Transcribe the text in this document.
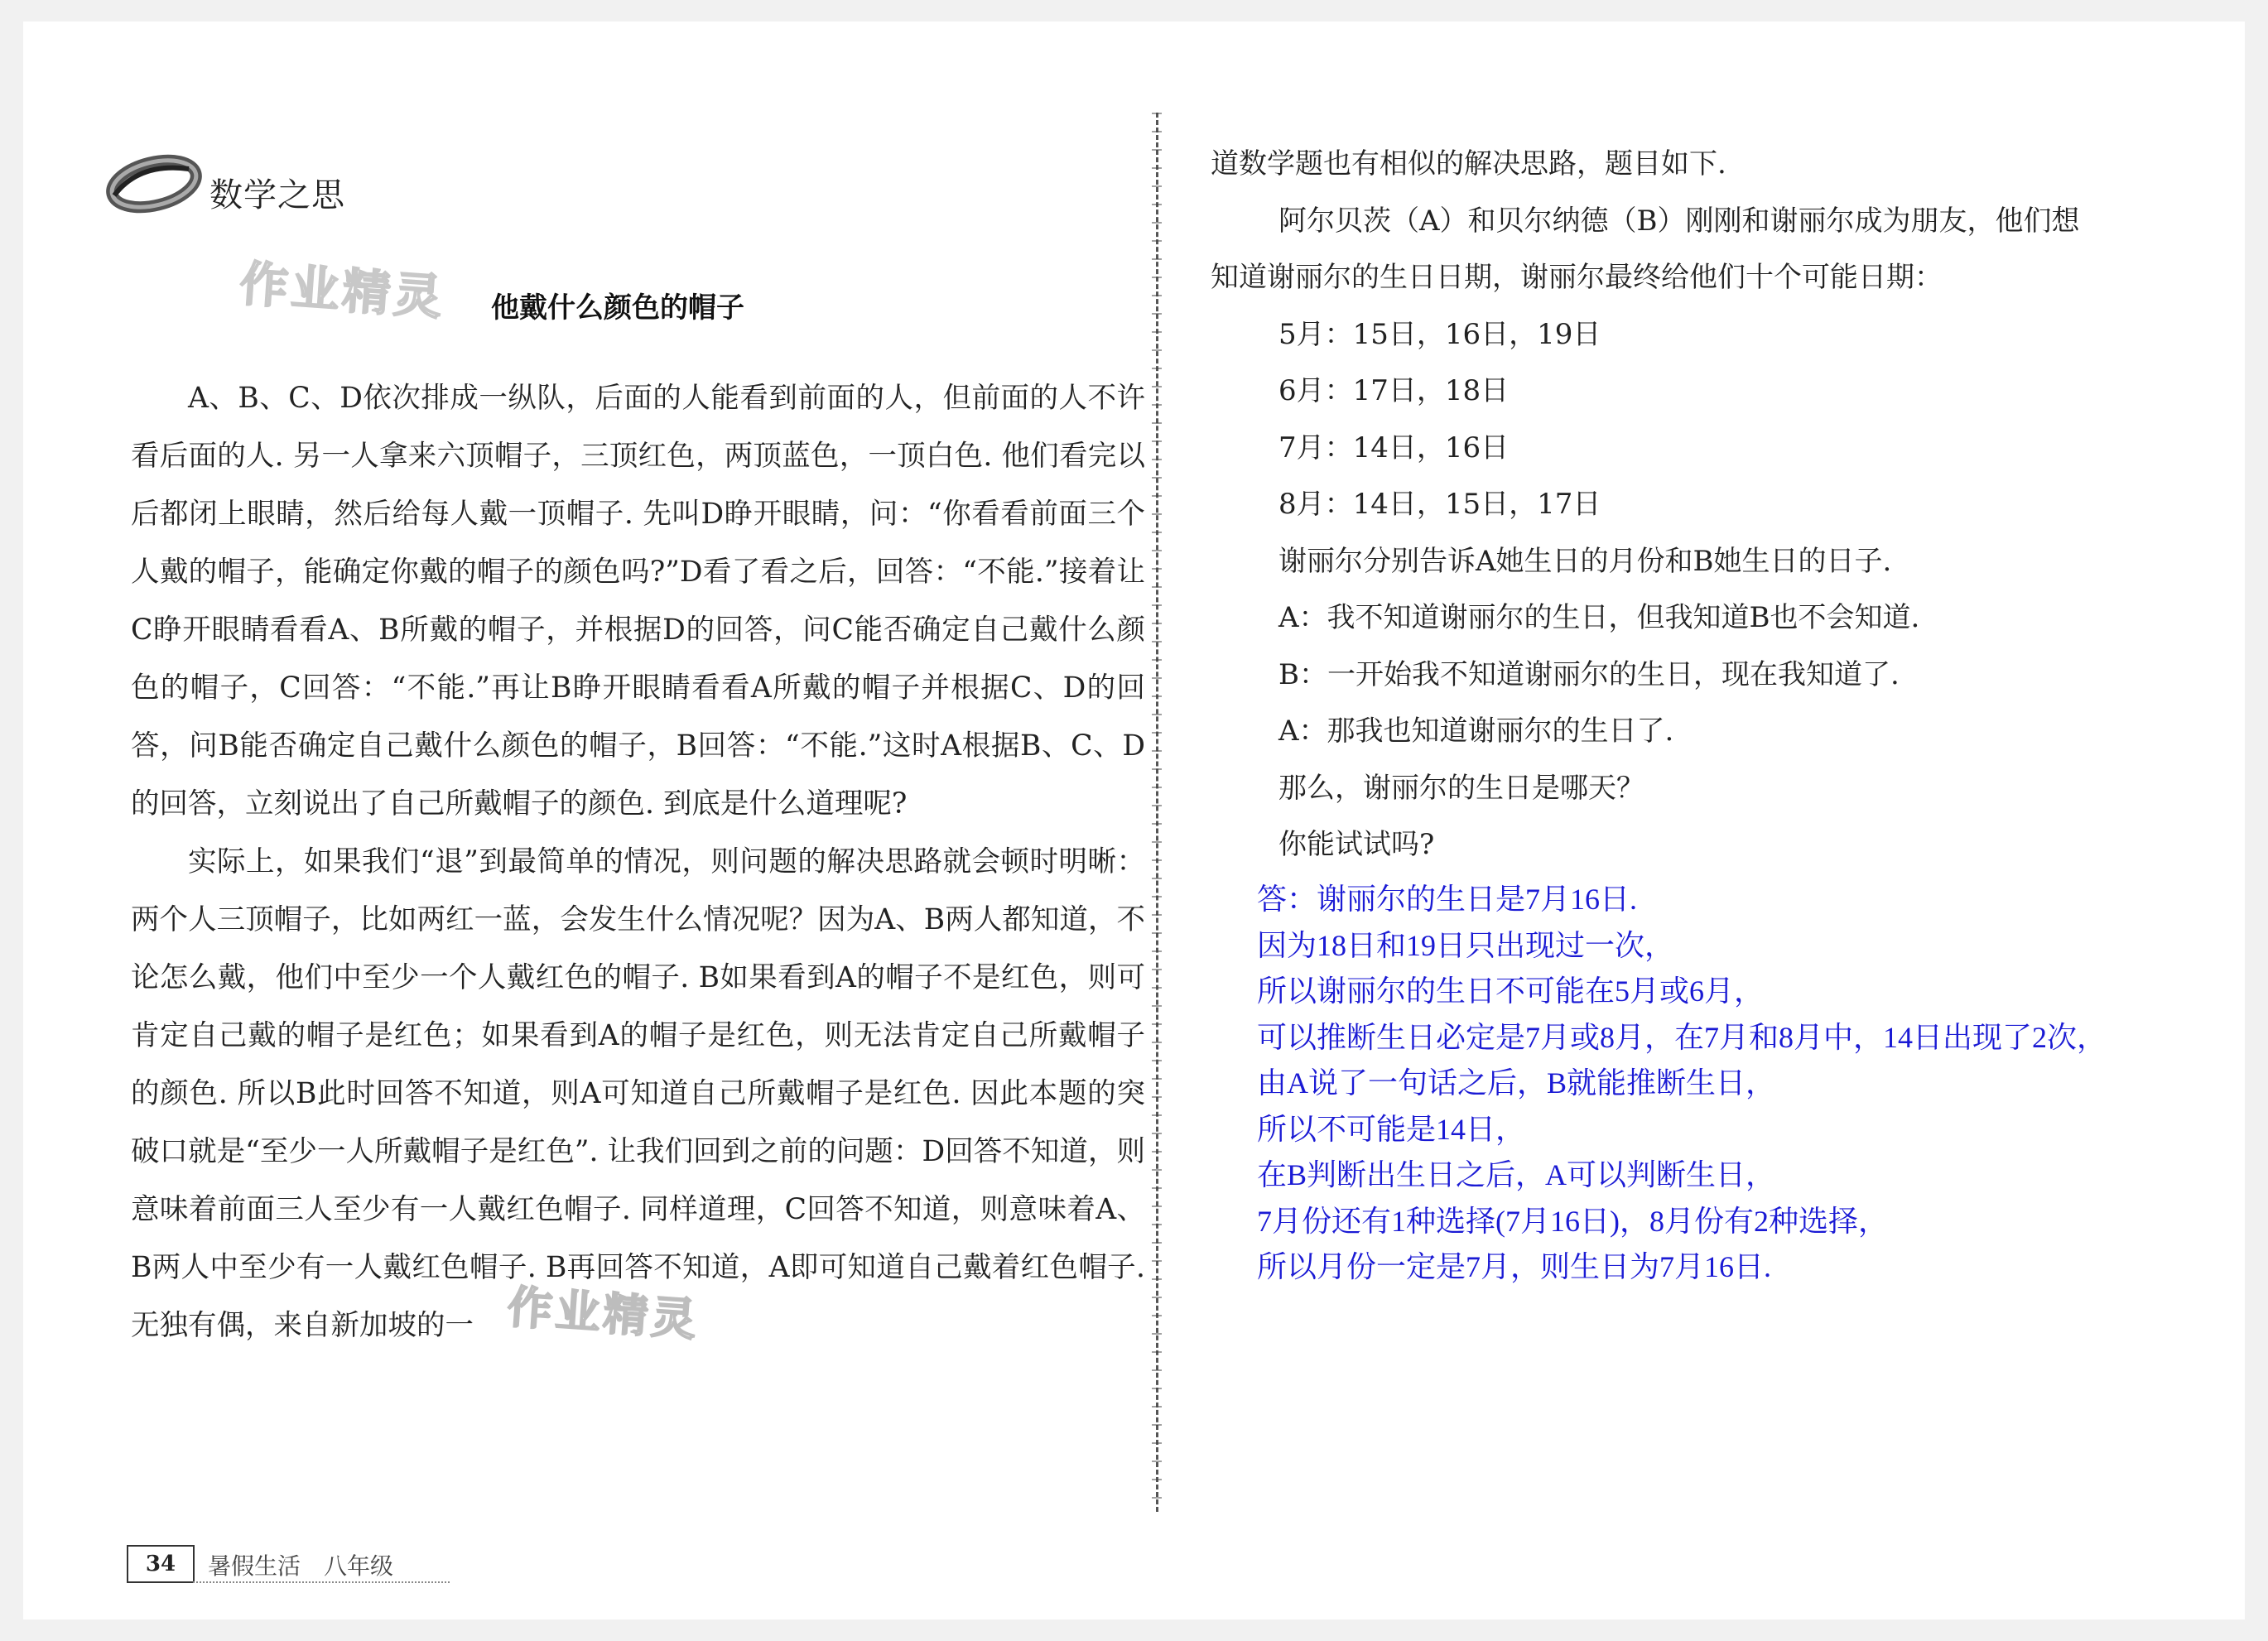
数学之思
作业精灵
作业精灵
他戴什么颜色的帽子

A、B、C、D依次排成一纵队，后面的人能看到前面的人，但前面的人不许看后面的人. 另一人拿来六顶帽子，三顶红色，两顶蓝色，一顶白色. 他们看完以后都闭上眼睛，然后给每人戴一顶帽子. 先叫D睁开眼睛，问：“你看看前面三个人戴的帽子，能确定你戴的帽子的颜色吗?”D看了看之后，回答：“不能.”接着让C睁开眼睛看看A、B所戴的帽子，并根据D的回答，问C能否确定自己戴什么颜色的帽子，C回答：“不能.”再让B睁开眼睛看看A所戴的帽子并根据C、D的回答，问B能否确定自己戴什么颜色的帽子，B回答：“不能.”这时A根据B、C、D的回答，立刻说出了自己所戴帽子的颜色. 到底是什么道理呢?

实际上，如果我们“退”到最简单的情况，则问题的解决思路就会顿时明晰：两个人三顶帽子，比如两红一蓝，会发生什么情况呢？因为A、B两人都知道，不论怎么戴，他们中至少一个人戴红色的帽子. B如果看到A的帽子不是红色，则可肯定自己戴的帽子是红色；如果看到A的帽子是红色，则无法肯定自己所戴帽子的颜色. 所以B此时回答不知道，则A可知道自己所戴帽子是红色. 因此本题的突破口就是“至少一人所戴帽子是红色”. 让我们回到之前的问题：D回答不知道，则意味着前面三人至少有一人戴红色帽子. 同样道理，C回答不知道，则意味着A、B两人中至少有一人戴红色帽子. B再回答不知道，A即可知道自己戴着红色帽子. 无独有偶，来自新加坡的一

道数学题也有相似的解决思路，题目如下.
阿尔贝茨（A）和贝尔纳德（B）刚刚和谢丽尔成为朋友，他们想
知道谢丽尔的生日日期，谢丽尔最终给他们十个可能日期：
5月：15日，16日，19日
6月：17日，18日
7月：14日，16日
8月：14日，15日，17日
谢丽尔分别告诉A她生日的月份和B她生日的日子.
A：我不知道谢丽尔的生日，但我知道B也不会知道.
B：一开始我不知道谢丽尔的生日，现在我知道了.
A：那我也知道谢丽尔的生日了.
那么，谢丽尔的生日是哪天？
你能试试吗?
答：谢丽尔的生日是7月16日.
因为18日和19日只出现过一次，
所以谢丽尔的生日不可能在5月或6月，
可以推断生日必定是7月或8月，在7月和8月中，14日出现了2次，
由A说了一句话之后，B就能推断生日，
所以不可能是14日，
在B判断出生日之后，A可以判断生日，
7月份还有1种选择(7月16日)，8月份有2种选择，
所以月份一定是7月，则生日为7月16日.
34	暑假生活　八年级
